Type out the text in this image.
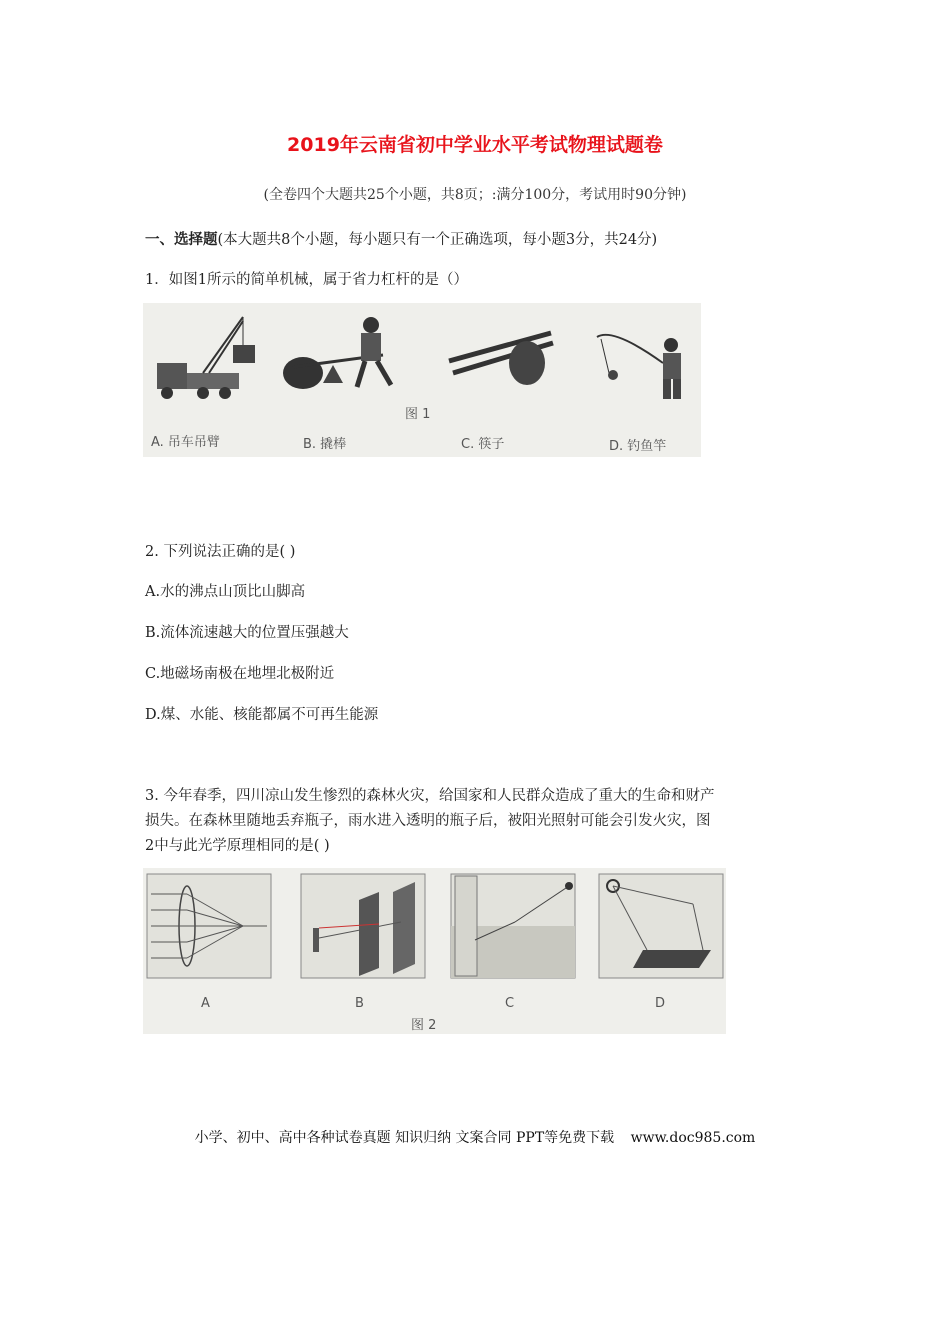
2019年云南省初中学业水平考试物理试题卷
(全卷四个大题共25个小题，共8页；:满分100分，考试用时90分钟)
一、选择题(本大题共8个小题，每小题只有一个正确选项，每小题3分，共24分)
1．如图1所示的简单机械，属于省力杠杆的是（）
图 1
A. 吊车吊臂	B. 撬棒	C. 筷子	D. 钓鱼竿
2. 下列说法正确的是( )
A.水的沸点山顶比山脚高
B.流体流速越大的位置压强越大
C.地磁场南极在地埋北极附近
D.煤、水能、核能都属不可再生能源
3. 今年春季，四川凉山发生惨烈的森林火灾，给国家和人民群众造成了重大的生命和财产
损失。在森林里随地丢弃瓶子，雨水进入透明的瓶子后，被阳光照射可能会引发火灾，图
2中与此光学原理相同的是( )
A	B	C	D
图 2
小学、初中、高中各种试卷真题 知识归纳 文案合同 PPT等免费下载 www.doc985.com
